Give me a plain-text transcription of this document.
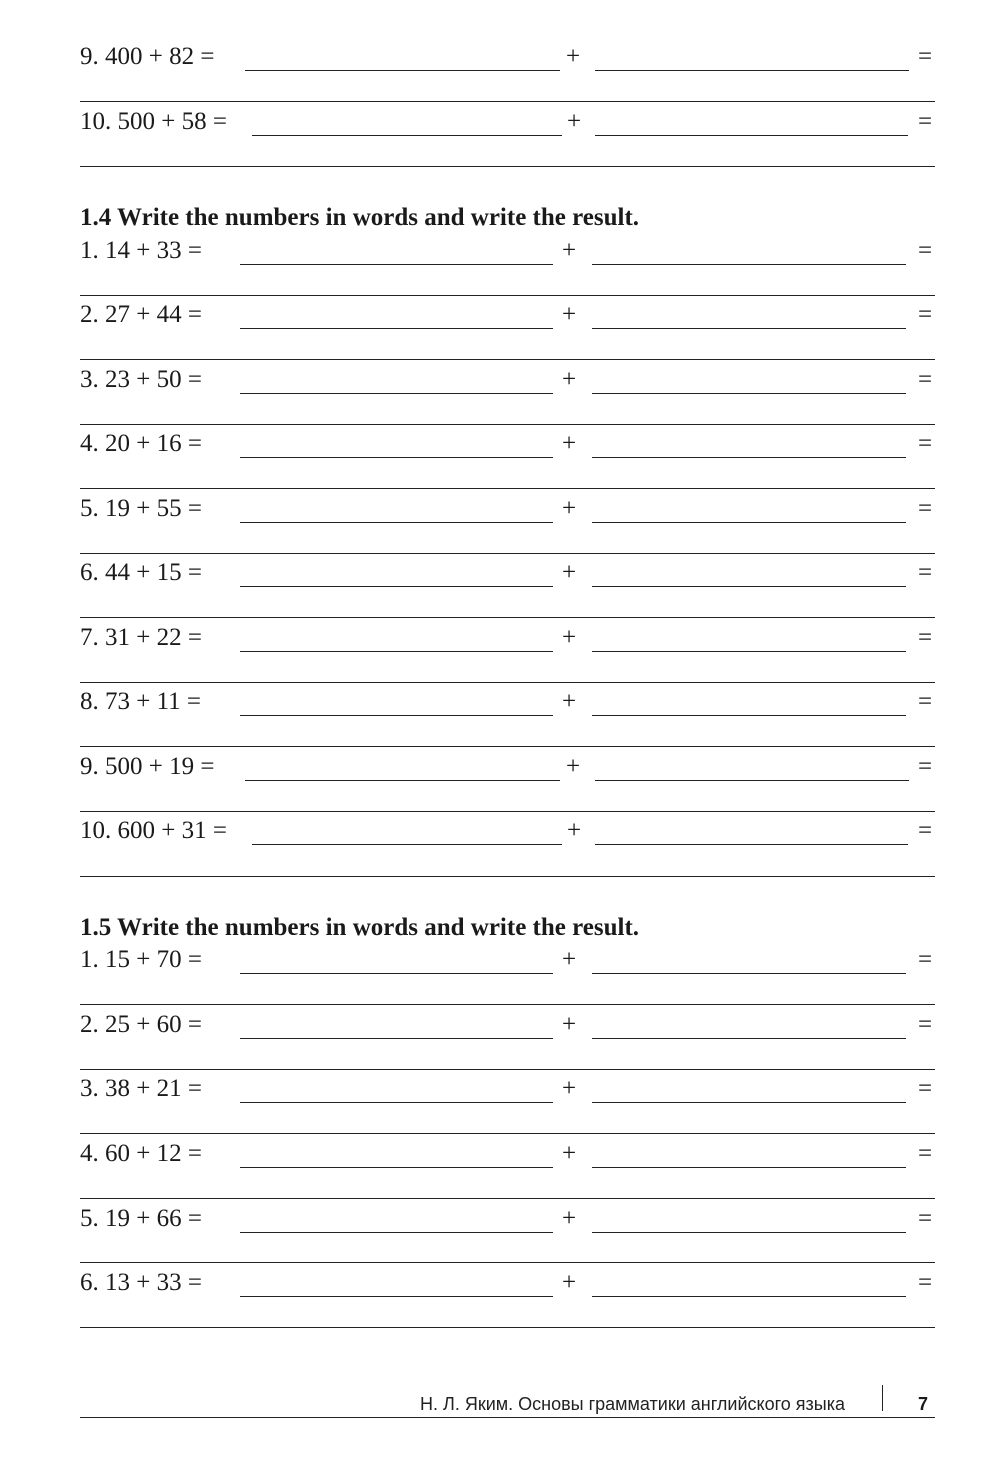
9. 400 + 82 =	+	=
10. 500 + 58 =	+	=
1.4 Write the numbers in words and write the result.
1. 14 + 33 =	+	=
2. 27 + 44 =	+	=
3. 23 + 50 =	+	=
4. 20 + 16 =	+	=
5. 19 + 55 =	+	=
6. 44 + 15 =	+	=
7. 31 + 22 =	+	=
8. 73 + 11 =	+	=
9. 500 + 19 =	+	=
10. 600 + 31 =	+	=
1.5 Write the numbers in words and write the result.
1. 15 + 70 =	+	=
2. 25 + 60 =	+	=
3. 38 + 21 =	+	=
4. 60 + 12 =	+	=
5. 19 + 66 =	+	=
6. 13 + 33 =	+	=
Н. Л. Яким. Основы грамматики английского языка	7
